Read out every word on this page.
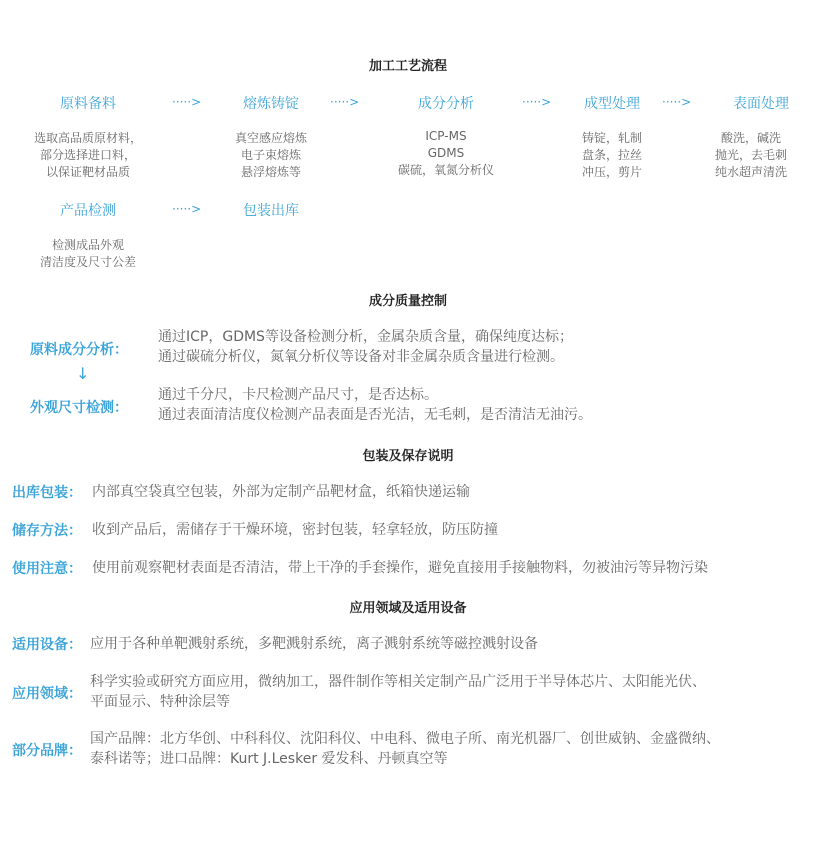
加工工艺流程
原料备料	·····>	熔炼铸锭	·····>	成分分析	·····>	成型处理	·····>	表面处理
选取高品质原材料，
部分选择进口料，
以保证靶材品质
真空感应熔炼
电子束熔炼
悬浮熔炼等
ICP-MS
GDMS
碳硫，氧氮分析仪
铸锭，轧制
盘条，拉丝
冲压，剪片
酸洗，碱洗
抛光，去毛刺
纯水超声清洗
产品检测	·····>	包装出库
检测成品外观
清洁度及尺寸公差
成分质量控制
原料成分分析：
通过ICP，GDMS等设备检测分析，金属杂质含量，确保纯度达标；
通过碳硫分析仪，氮氧分析仪等设备对非金属杂质含量进行检测。
↓
外观尺寸检测：
通过千分尺，卡尺检测产品尺寸，是否达标。
通过表面清洁度仪检测产品表面是否光洁，无毛刺，是否清洁无油污。
包装及保存说明
出库包装： 内部真空袋真空包装，外部为定制产品靶材盒，纸箱快递运输
储存方法： 收到产品后，需储存于干燥环境，密封包装，轻拿轻放，防压防撞
使用注意： 使用前观察靶材表面是否清洁，带上干净的手套操作，避免直接用手接触物料，勿被油污等异物污染
应用领域及适用设备
适用设备： 应用于各种单靶溅射系统，多靶溅射系统，离子溅射系统等磁控溅射设备
应用领域：
科学实验或研究方面应用，微纳加工，器件制作等相关定制产品广泛用于半导体芯片、太阳能光伏、
平面显示、特种涂层等
部分品牌：
国产品牌：北方华创、中科科仪、沈阳科仪、中电科、微电子所、南光机器厂、创世威钠、金盛微纳、
泰科诺等；进口品牌：Kurt J.Lesker 爱发科、丹顿真空等
